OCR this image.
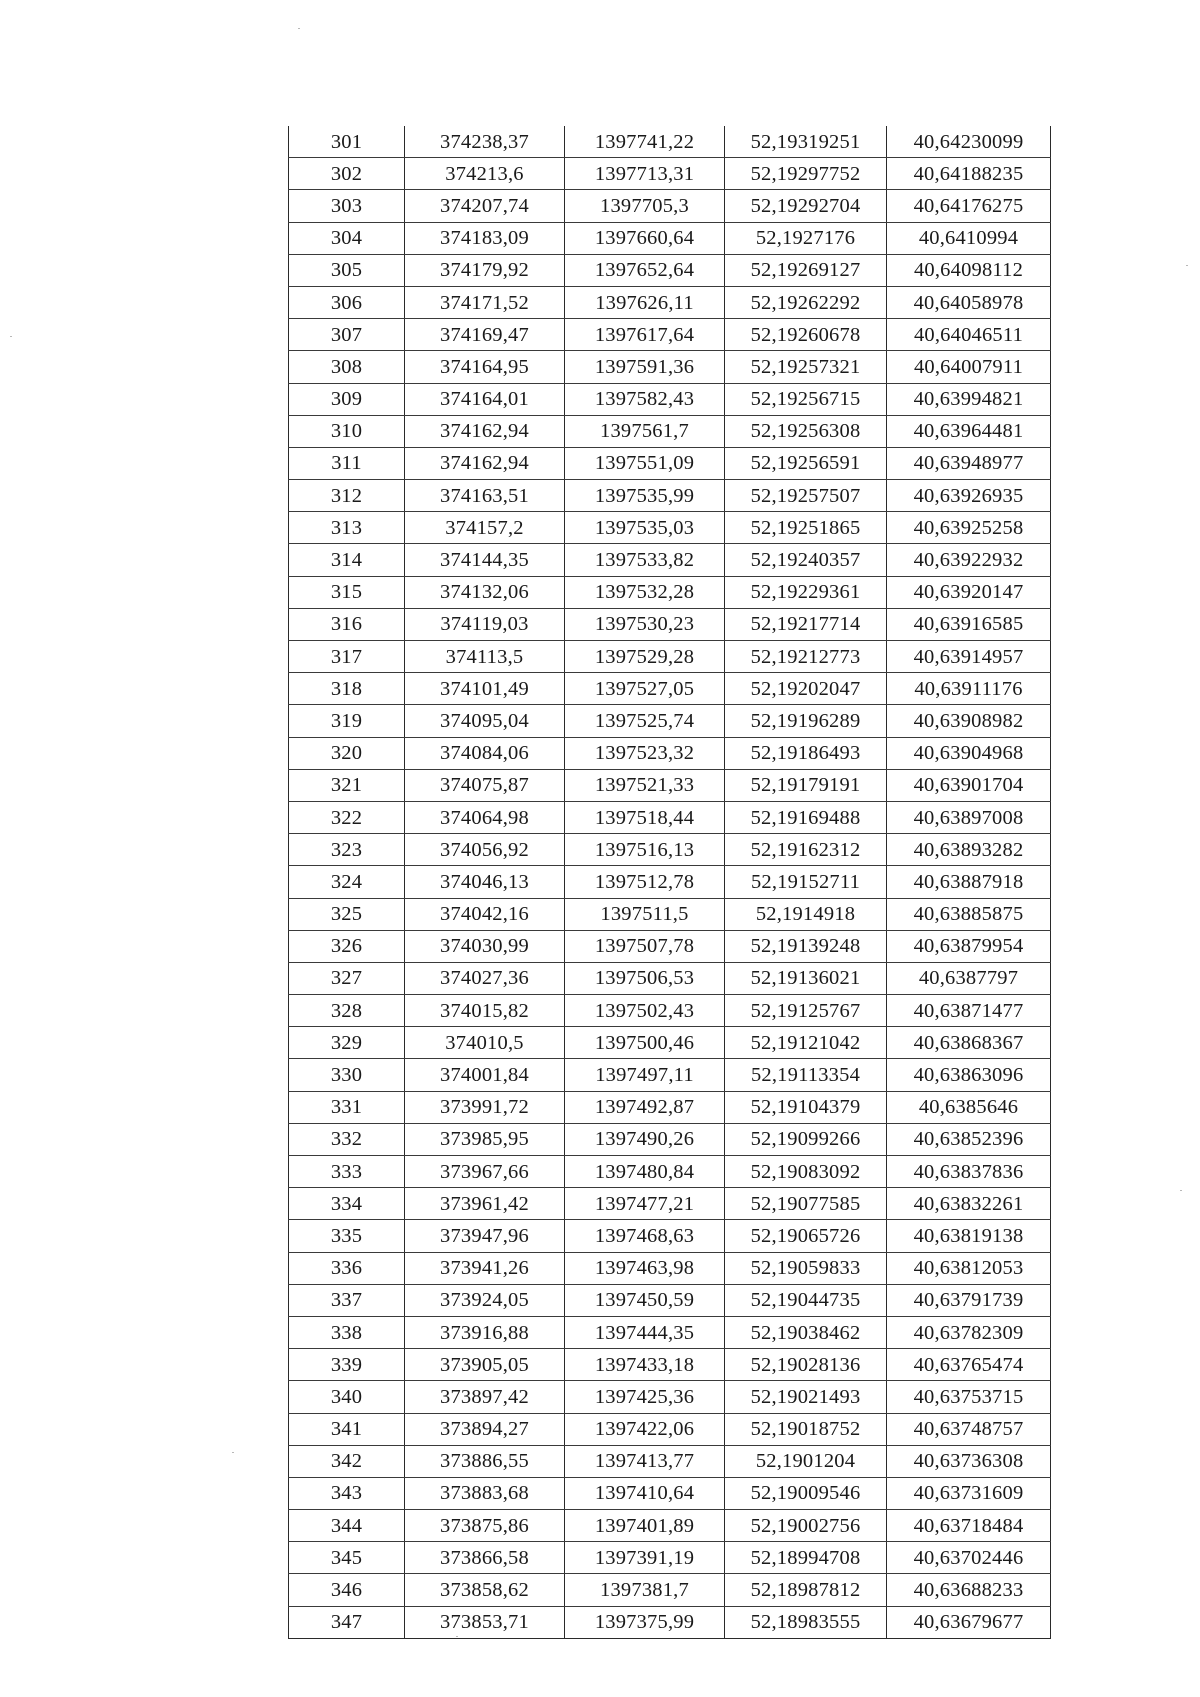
301	374238,37	1397741,22	52,19319251	40,64230099
302	374213,6	1397713,31	52,19297752	40,64188235
303	374207,74	1397705,3	52,19292704	40,64176275
304	374183,09	1397660,64	52,1927176	40,6410994
305	374179,92	1397652,64	52,19269127	40,64098112
306	374171,52	1397626,11	52,19262292	40,64058978
307	374169,47	1397617,64	52,19260678	40,64046511
308	374164,95	1397591,36	52,19257321	40,64007911
309	374164,01	1397582,43	52,19256715	40,63994821
310	374162,94	1397561,7	52,19256308	40,63964481
311	374162,94	1397551,09	52,19256591	40,63948977
312	374163,51	1397535,99	52,19257507	40,63926935
313	374157,2	1397535,03	52,19251865	40,63925258
314	374144,35	1397533,82	52,19240357	40,63922932
315	374132,06	1397532,28	52,19229361	40,63920147
316	374119,03	1397530,23	52,19217714	40,63916585
317	374113,5	1397529,28	52,19212773	40,63914957
318	374101,49	1397527,05	52,19202047	40,63911176
319	374095,04	1397525,74	52,19196289	40,63908982
320	374084,06	1397523,32	52,19186493	40,63904968
321	374075,87	1397521,33	52,19179191	40,63901704
322	374064,98	1397518,44	52,19169488	40,63897008
323	374056,92	1397516,13	52,19162312	40,63893282
324	374046,13	1397512,78	52,19152711	40,63887918
325	374042,16	1397511,5	52,1914918	40,63885875
326	374030,99	1397507,78	52,19139248	40,63879954
327	374027,36	1397506,53	52,19136021	40,6387797
328	374015,82	1397502,43	52,19125767	40,63871477
329	374010,5	1397500,46	52,19121042	40,63868367
330	374001,84	1397497,11	52,19113354	40,63863096
331	373991,72	1397492,87	52,19104379	40,6385646
332	373985,95	1397490,26	52,19099266	40,63852396
333	373967,66	1397480,84	52,19083092	40,63837836
334	373961,42	1397477,21	52,19077585	40,63832261
335	373947,96	1397468,63	52,19065726	40,63819138
336	373941,26	1397463,98	52,19059833	40,63812053
337	373924,05	1397450,59	52,19044735	40,63791739
338	373916,88	1397444,35	52,19038462	40,63782309
339	373905,05	1397433,18	52,19028136	40,63765474
340	373897,42	1397425,36	52,19021493	40,63753715
341	373894,27	1397422,06	52,19018752	40,63748757
342	373886,55	1397413,77	52,1901204	40,63736308
343	373883,68	1397410,64	52,19009546	40,63731609
344	373875,86	1397401,89	52,19002756	40,63718484
345	373866,58	1397391,19	52,18994708	40,63702446
346	373858,62	1397381,7	52,18987812	40,63688233
347	373853,71	1397375,99	52,18983555	40,63679677
